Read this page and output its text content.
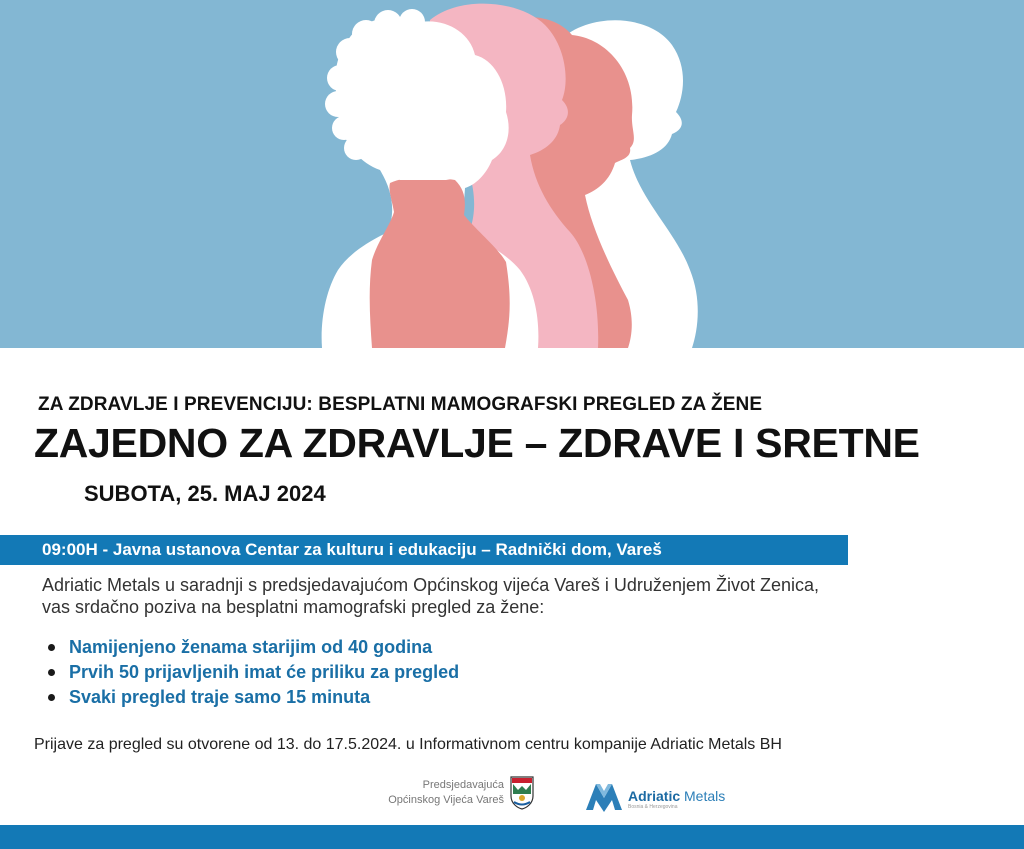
ZA ZDRAVLJE I PREVENCIJU: BESPLATNI MAMOGRAFSKI PREGLED ZA ŽENE
ZAJEDNO ZA ZDRAVLJE – ZDRAVE I SRETNE
SUBOTA, 25. MAJ 2024
09:00H - Javna ustanova Centar za kulturu i edukaciju – Radnički dom, Vareš
Adriatic Metals u saradnji s predsjedavajućom Općinskog vijeća Vareš i Udruženjem Život Zenica,
vas srdačno poziva na besplatni mamografski pregled za žene:
Namijenjeno ženama starijim od 40 godina
Prvih 50 prijavljenih imat će priliku za pregled
Svaki pregled traje samo 15 minuta
Prijave za pregled su otvorene od 13. do 17.5.2024. u Informativnom centru kompanije Adriatic Metals BH
Predsjedavajuća
Općinskog Vijeća Vareš	Adriatic Metals
Bosnia & Herzegovina
